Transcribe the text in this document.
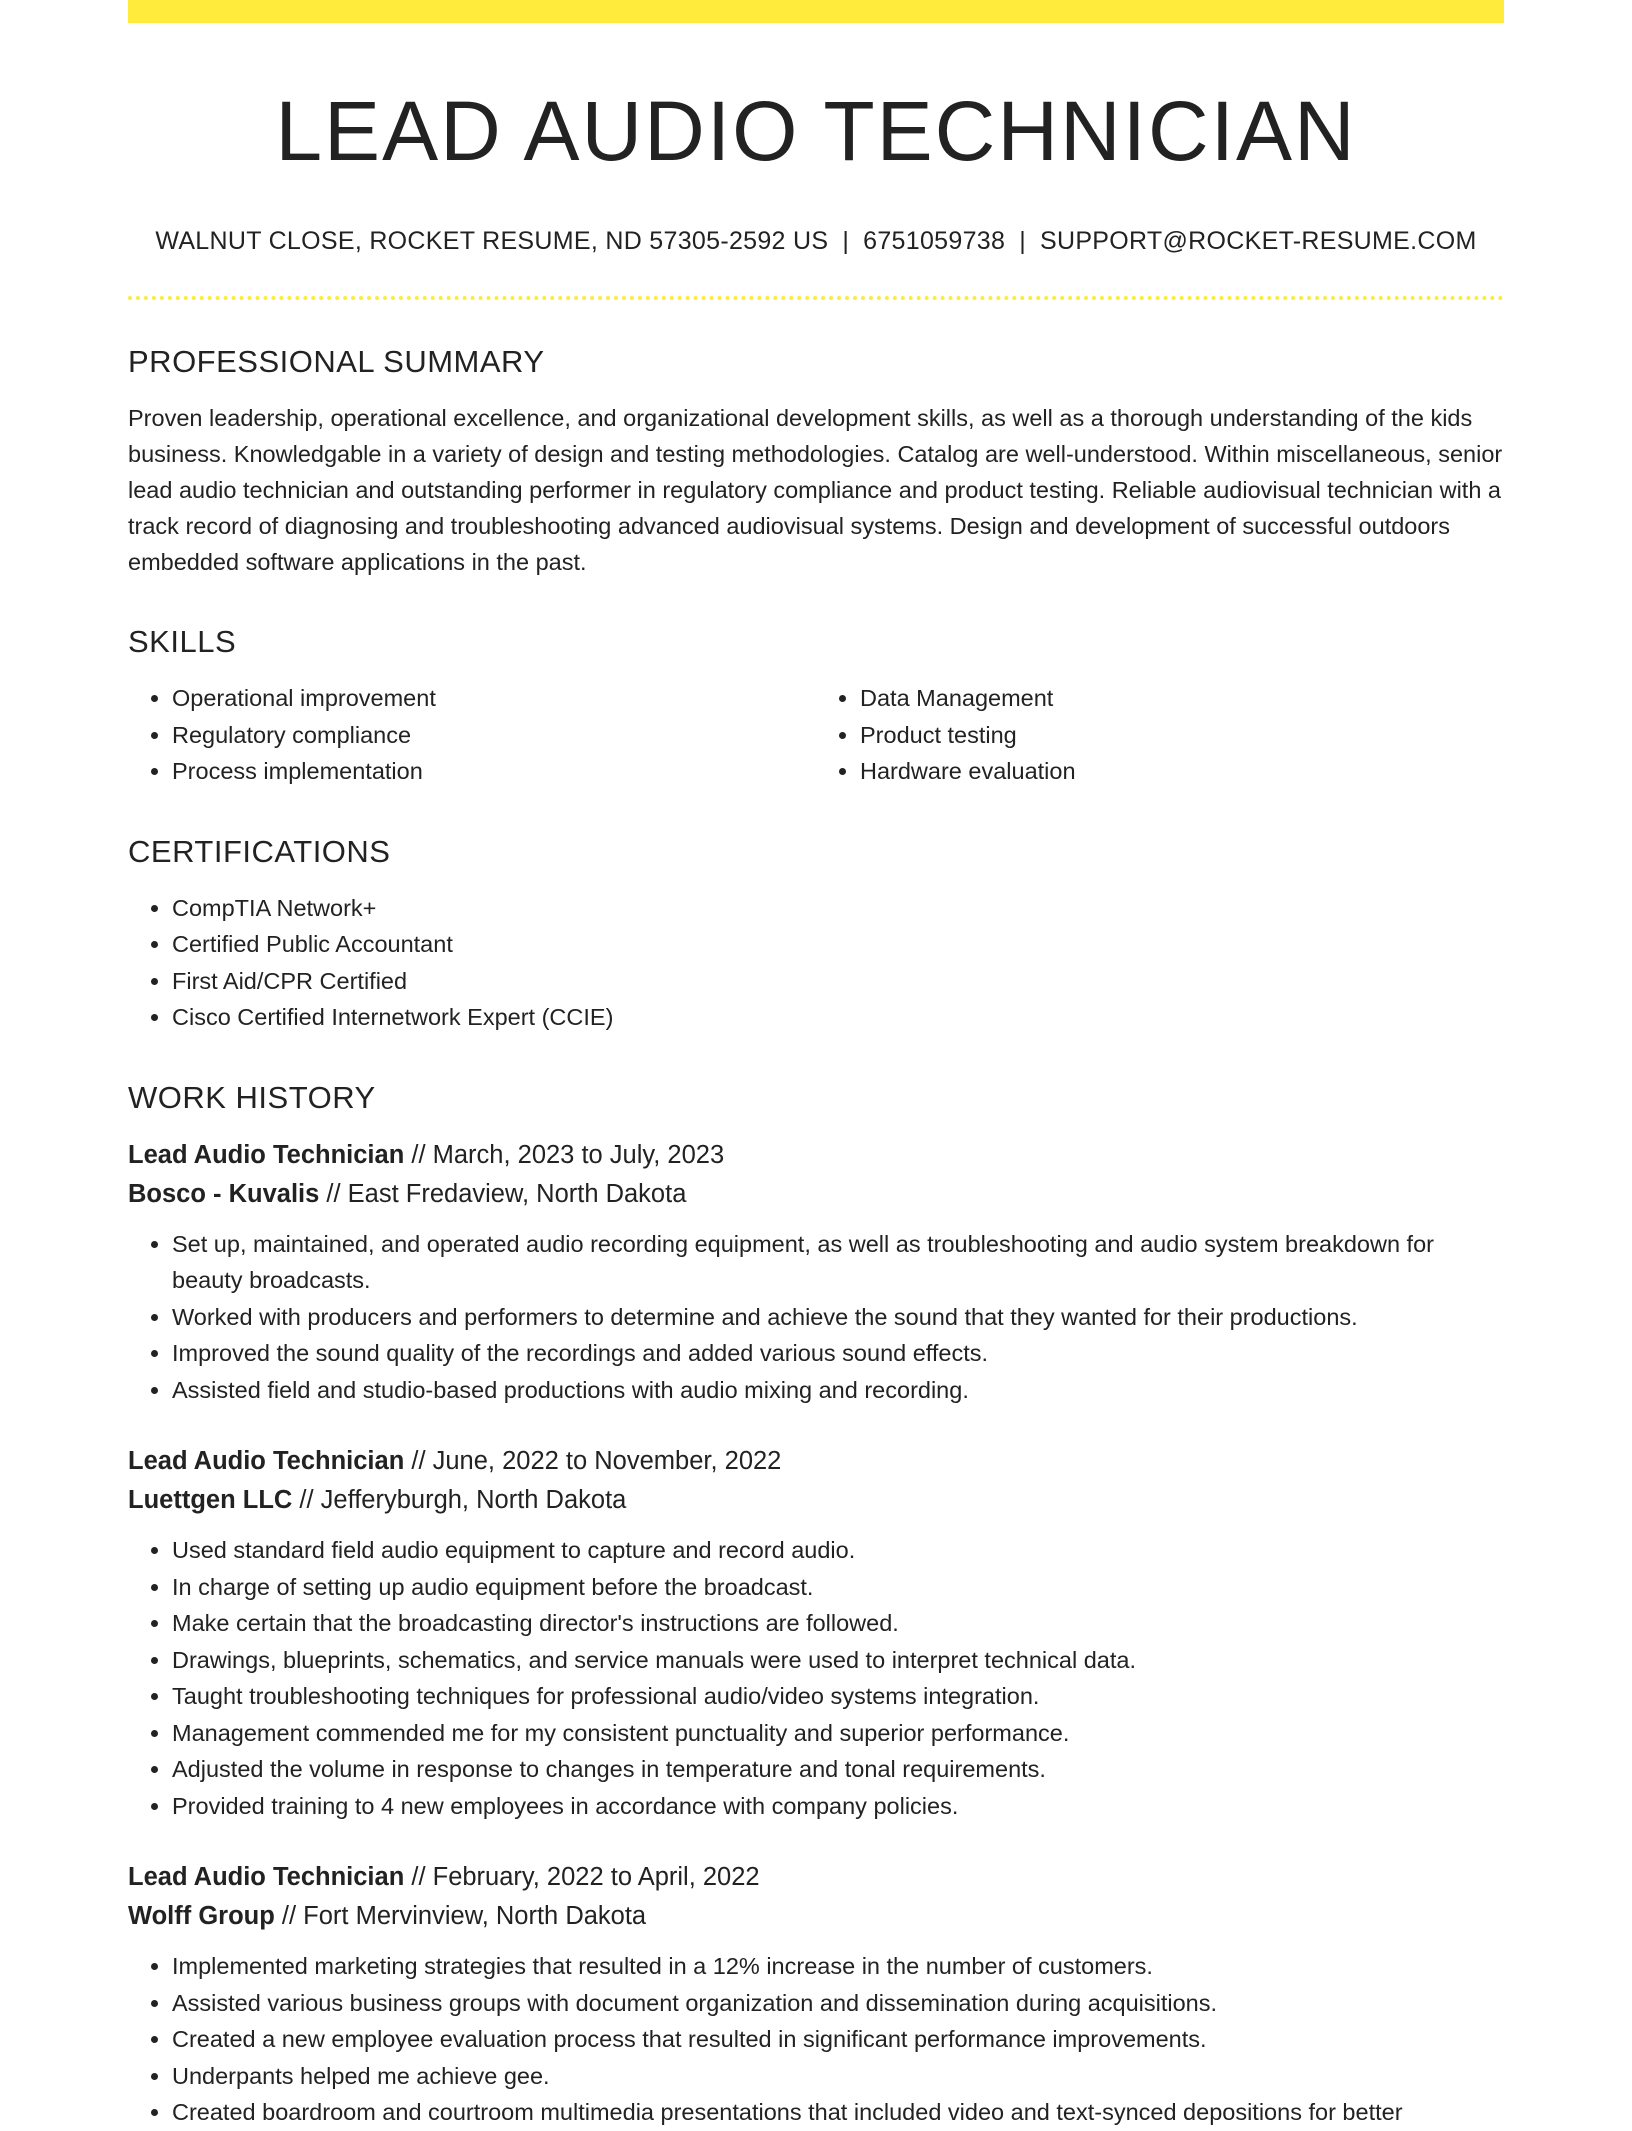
LEAD AUDIO TECHNICIAN
WALNUT CLOSE, ROCKET RESUME, ND 57305-2592 US | 6751059738 | SUPPORT@ROCKET-RESUME.COM
PROFESSIONAL SUMMARY

Proven leadership, operational excellence, and organizational development skills, as well as a thorough understanding of the kids business. Knowledgable in a variety of design and testing methodologies. Catalog are well-understood. Within miscellaneous, senior lead audio technician and outstanding performer in regulatory compliance and product testing. Reliable audiovisual technician with a track record of diagnosing and troubleshooting advanced audiovisual systems. Design and development of successful outdoors embedded software applications in the past.

SKILLS
• Operational improvement
• Regulatory compliance
• Process implementation
• Data Management
• Product testing
• Hardware evaluation
CERTIFICATIONS
• CompTIA Network+
• Certified Public Accountant
• First Aid/CPR Certified
• Cisco Certified Internetwork Expert (CCIE)
WORK HISTORY
Lead Audio Technician // March, 2023 to July, 2023
Bosco - Kuvalis // East Fredaview, North Dakota
• Set up, maintained, and operated audio recording equipment, as well as troubleshooting and audio system breakdown for beauty broadcasts.
• Worked with producers and performers to determine and achieve the sound that they wanted for their productions.
• Improved the sound quality of the recordings and added various sound effects.
• Assisted field and studio-based productions with audio mixing and recording.
Lead Audio Technician // June, 2022 to November, 2022
Luettgen LLC // Jefferyburgh, North Dakota
• Used standard field audio equipment to capture and record audio.
• In charge of setting up audio equipment before the broadcast.
• Make certain that the broadcasting director's instructions are followed.
• Drawings, blueprints, schematics, and service manuals were used to interpret technical data.
• Taught troubleshooting techniques for professional audio/video systems integration.
• Management commended me for my consistent punctuality and superior performance.
• Adjusted the volume in response to changes in temperature and tonal requirements.
• Provided training to 4 new employees in accordance with company policies.
Lead Audio Technician // February, 2022 to April, 2022
Wolff Group // Fort Mervinview, North Dakota
• Implemented marketing strategies that resulted in a 12% increase in the number of customers.
• Assisted various business groups with document organization and dissemination during acquisitions.
• Created a new employee evaluation process that resulted in significant performance improvements.
• Underpants helped me achieve gee.
• Created boardroom and courtroom multimedia presentations that included video and text-synced depositions for better
